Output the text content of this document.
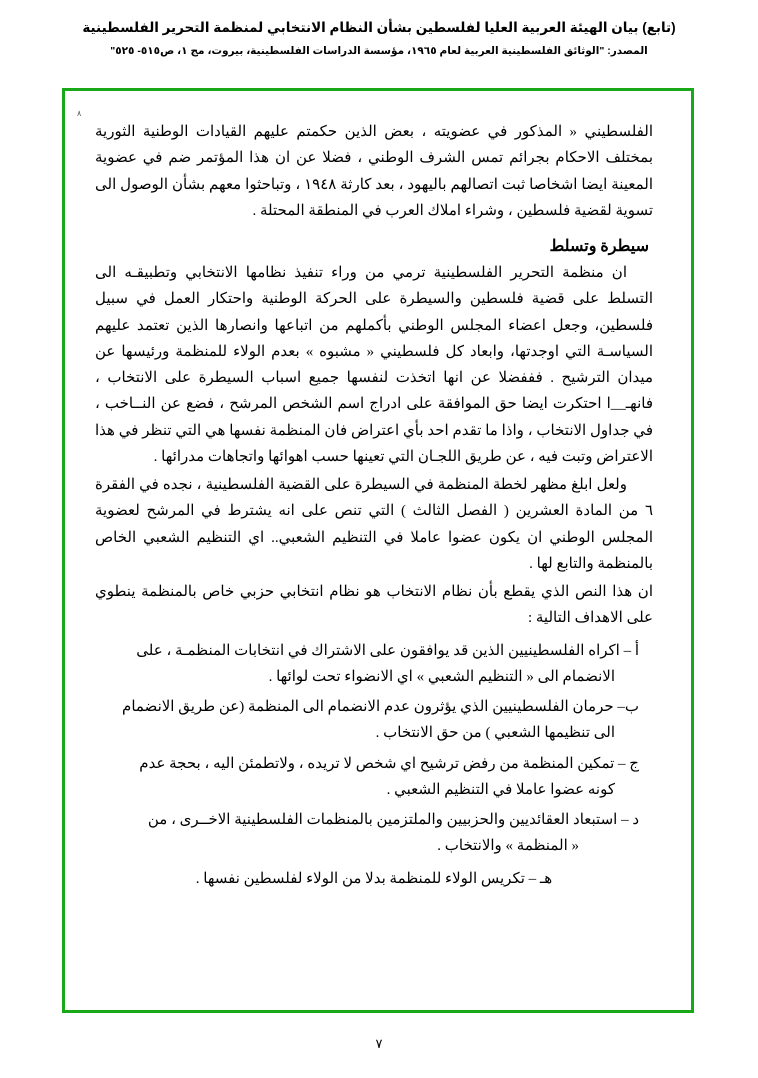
(تابع) بيان الهيئة العربية العليا لفلسطين بشأن النظام الانتخابي لمنظمة التحرير الفلسطينية
المصدر: "الوثائق الفلسطينية العربية لعام ١٩٦٥، مؤسسة الدراسات الفلسطينية، بيروت، مج ١، ص٥١٥- ٥٢٥"
٨

الفلسطيني « المذكور في عضويته ، بعض الذين حكمتم عليهم القيادات الوطنية الثورية بمختلف الاحكام بجرائم تمس الشرف الوطني ، فضلا عن ان هذا المؤتمر ضم في عضوية المعينة ايضا اشخاصا ثبت اتصالهم باليهود ، بعد كارثة ١٩٤٨ ، وتباحثوا معهم بشأن الوصول الى تسوية لقضية فلسطين ، وشراء املاك العرب في المنطقة المحتلة .

سيطرة وتسلط

ان منظمة التحرير الفلسطينية ترمي من وراء تنفيذ نظامها الانتخابي وتطبيقـه الى التسلط على قضية فلسطين والسيطرة على الحركة الوطنية واحتكار العمل في سبيل فلسطين، وجعل اعضاء المجلس الوطني بأكملهم من اتباعها وانصارها الذين تعتمد عليهم السياسـة التي اوجدتها، وابعاد كل فلسطيني « مشبوه » بعدم الولاء للمنظمة ورئيسها عن ميدان الترشيح . فففضلا عن انها اتخذت لنفسها جميع اسباب السيطرة على الانتخاب ، فانهـ__ا احتكرت ايضا حق الموافقة على ادراج اسم الشخص المرشح ، فضع عن النــاخب ، في جداول الانتخاب ، واذا ما تقدم احد بأي اعتراض فان المنظمة نفسها هي التي تنظر في هذا الاعتراض وتبت فيه ، عن طريق اللجـان التي تعينها حسب اهوائها واتجاهات مدرائها .

ولعل ابلغ مظهر لخطة المنظمة في السيطرة على القضية الفلسطينية ، نجده في الفقرة ٦ من المادة العشرين ( الفصل الثالث ) التي تنص على انه يشترط في المرشح لعضوية المجلس الوطني ان يكون عضوا عاملا في التنظيم الشعبي.. اي التنظيم الشعبي الخاص بالمنظمة والتابع لها .

ان هذا النص الذي يقطع بأن نظام الانتخاب هو نظام انتخابي حزبي خاص بالمنظمة ينطوي على الاهداف التالية :

أ – اكراه الفلسطينيين الذين قد يوافقون على الاشتراك في انتخابات المنظمـة ، على
الانضمام الى « التنظيم الشعبي » اي الانضواء تحت لوائها .
ب– حرمان الفلسطينيين الذي يؤثرون عدم الانضمام الى المنظمة (عن طريق الانضمام
الى تنظيمها الشعبي ) من حق الانتخاب .
ج – تمكين المنظمة من رفض ترشيح اي شخص لا تريده ، ولاتطمئن اليه ، بحجة عدم
كونه عضوا عاملا في التنظيم الشعبي .
د – استبعاد العقائديين والحزبيين والملتزمين بالمنظمات الفلسطينية الاخــرى ، من
« المنظمة » والانتخاب .
هـ – تكريس الولاء للمنظمة بدلا من الولاء لفلسطين نفسها .
٧
